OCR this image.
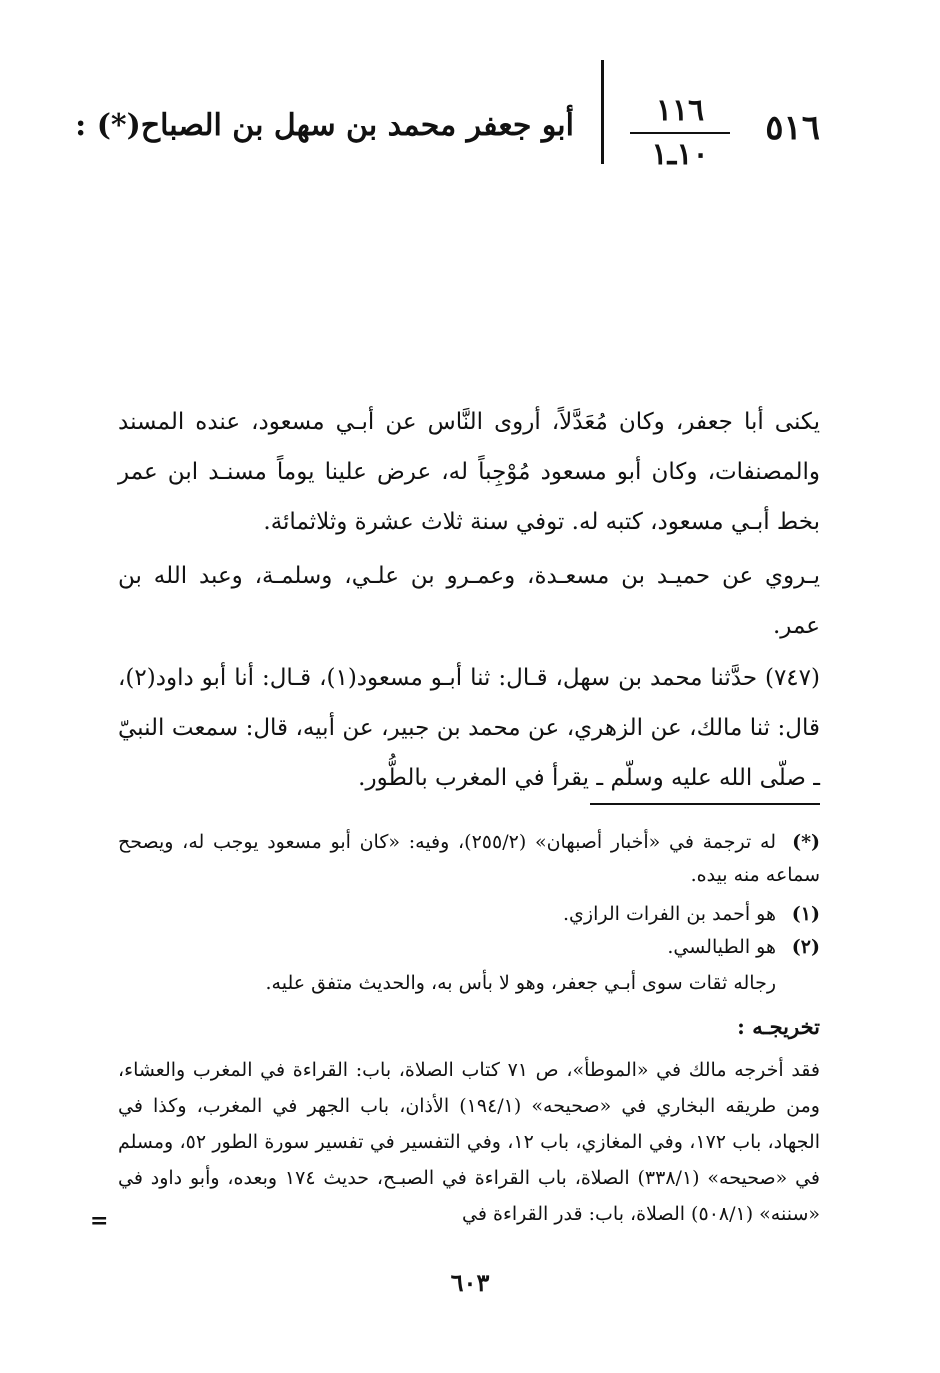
٥١٦
١١٦
١٠ـ١
أبو جعفر محمد بن سهل بن الصباح(*) :

يكنى أبا جعفر، وكان مُعَدَّلاً، أروى النَّاس عن أبـي مسعود، عنده المسند والمصنفات، وكان أبو مسعود مُوْجِباً له، عرض علينا يوماً مسنـد ابن عمر بخط أبـي مسعود، كتبه له. توفي سنة ثلاث عشرة وثلاثمائة.

يـروي عن حميـد بن مسعـدة، وعمـرو بن علـي، وسلمـة، وعبد الله بن عمر.

(٧٤٧) حدَّثنا محمد بن سهل، قـال: ثنا أبـو مسعود(١)، قـال: أنا أبو داود(٢)، قال: ثنا مالك، عن الزهري، عن محمد بن جبير، عن أبيه، قال: سمعت النبيّ ـ صلّى الله عليه وسلّم ـ يقرأ في المغرب بالطُّور.

(*)له ترجمة في «أخبار أصبهان» (٢٥٥/٢)، وفيه: «كان أبو مسعود يوجب له، ويصحح سماعه منه بيده.
(١)هو أحمد بن الفرات الرازي.
(٢)هو الطيالسي.
رجاله ثقات سوى أبـي جعفر، وهو لا بأس به، والحديث متفق عليه.
تخريجـه :
فقد أخرجه مالك في «الموطأ»، ص ٧١ كتاب الصلاة، باب: القراءة في المغرب والعشاء، ومن طريقه البخاري في «صحيحه» (١٩٤/١) الأذان، باب الجهر في المغرب، وكذا في الجهاد، باب ١٧٢، وفي المغازي، باب ١٢، وفي التفسير في تفسير سورة الطور ٥٢، ومسلم في «صحيحه» (٣٣٨/١) الصلاة، باب القراءة في الصبـح، حديث ١٧٤ وبعده، وأبو داود في «سننه» (٥٠٨/١) الصلاة، باب: قدر القراءة في
=
٦٠٣
